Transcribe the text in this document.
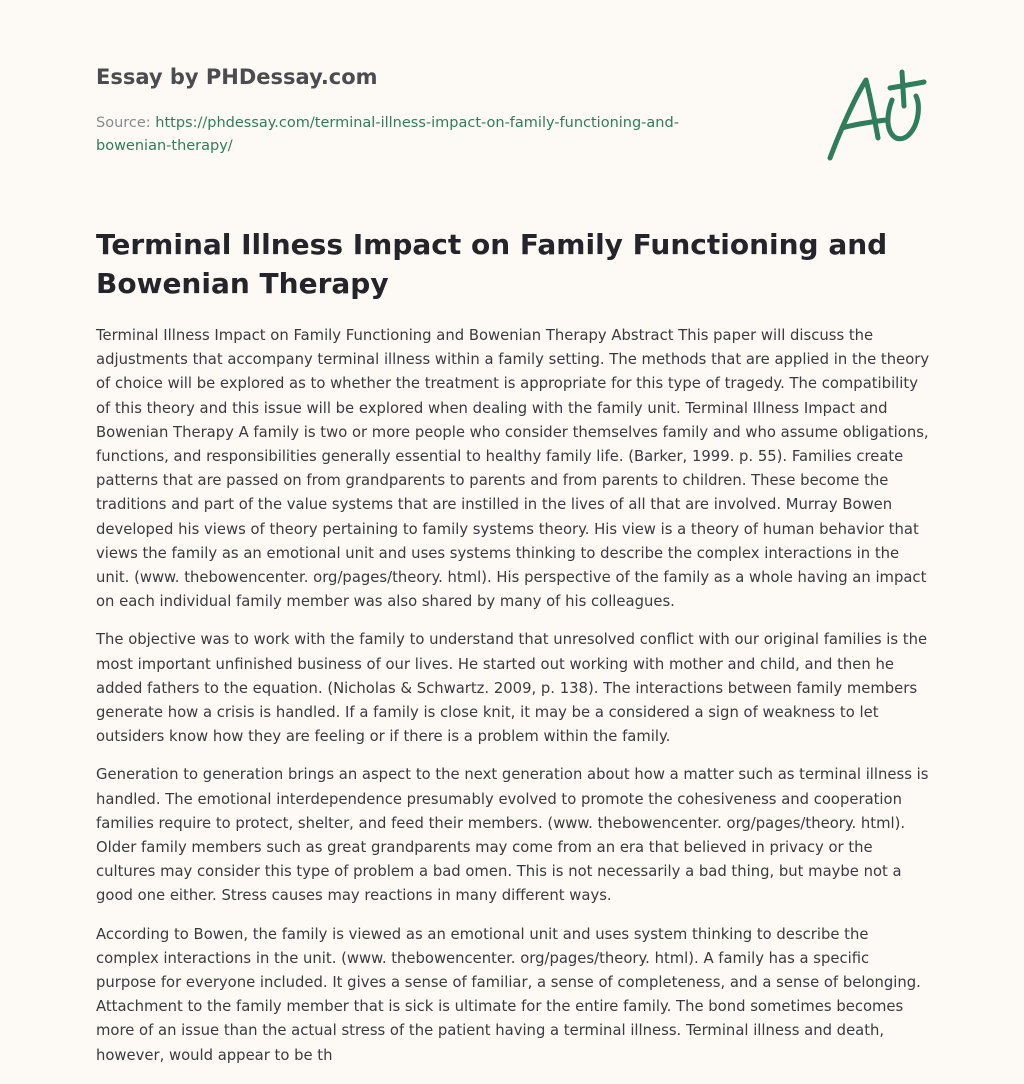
Essay by PHDessay.com
Source: https://phdessay.com/terminal-illness-impact-on-family-functioning-and-bowenian-therapy/
Terminal Illness Impact on Family Functioning and Bowenian Therapy

Terminal Illness Impact on Family Functioning and Bowenian Therapy Abstract This paper will discuss the adjustments that accompany terminal illness within a family setting. The methods that are applied in the theory of choice will be explored as to whether the treatment is appropriate for this type of tragedy. The compatibility of this theory and this issue will be explored when dealing with the family unit. Terminal Illness Impact and Bowenian Therapy A family is two or more people who consider themselves family and who assume obligations, functions, and responsibilities generally essential to healthy family life. (Barker, 1999. p. 55). Families create patterns that are passed on from grandparents to parents and from parents to children. These become the traditions and part of the value systems that are instilled in the lives of all that are involved. Murray Bowen developed his views of theory pertaining to family systems theory. His view is a theory of human behavior that views the family as an emotional unit and uses systems thinking to describe the complex interactions in the unit. (www. thebowencenter. org/pages/theory. html). His perspective of the family as a whole having an impact on each individual family member was also shared by many of his colleagues.

The objective was to work with the family to understand that unresolved conflict with our original families is the most important unfinished business of our lives. He started out working with mother and child, and then he added fathers to the equation. (Nicholas & Schwartz. 2009, p. 138). The interactions between family members generate how a crisis is handled. If a family is close knit, it may be a considered a sign of weakness to let outsiders know how they are feeling or if there is a problem within the family.

Generation to generation brings an aspect to the next generation about how a matter such as terminal illness is handled. The emotional interdependence presumably evolved to promote the cohesiveness and cooperation families require to protect, shelter, and feed their members. (www. thebowencenter. org/pages/theory. html). Older family members such as great grandparents may come from an era that believed in privacy or the cultures may consider this type of problem a bad omen. This is not necessarily a bad thing, but maybe not a good one either. Stress causes may reactions in many different ways.

According to Bowen, the family is viewed as an emotional unit and uses system thinking to describe the complex interactions in the unit. (www. thebowencenter. org/pages/theory. html). A family has a specific purpose for everyone included. It gives a sense of familiar, a sense of completeness, and a sense of belonging. Attachment to the family member that is sick is ultimate for the entire family. The bond sometimes becomes more of an issue than the actual stress of the patient having a terminal illness. Terminal illness and death, however, would appear to be th
